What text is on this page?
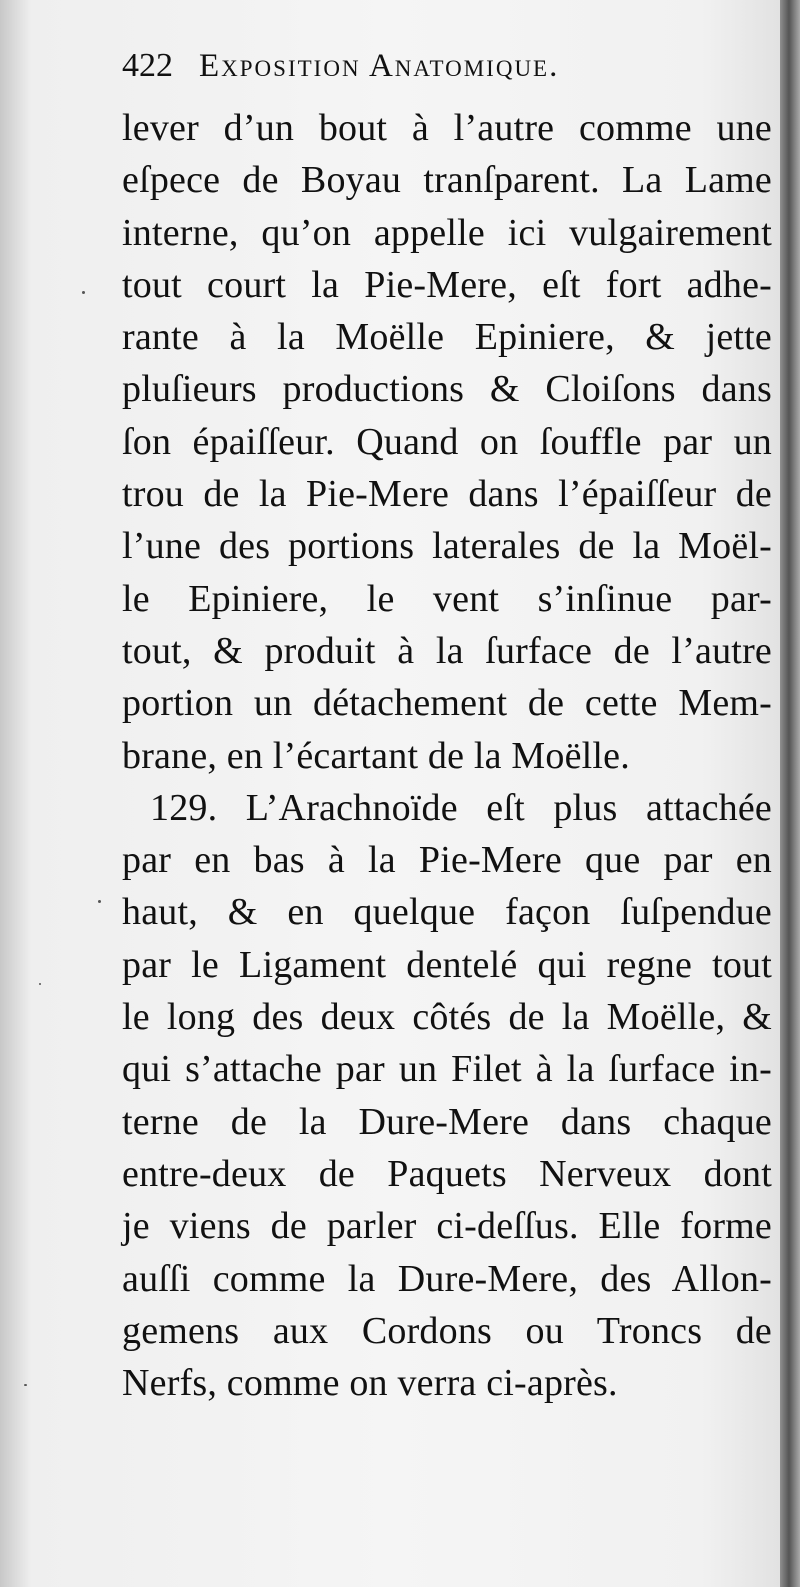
422 Exposition Anatomique.
lever d’un bout à l’autre comme une
eſpece de Boyau tranſparent. La Lame
interne, qu’on appelle ici vulgairement
tout court la Pie-Mere, eſt fort adhe-
rante à la Moëlle Epiniere, & jette
pluſieurs productions & Cloiſons dans
ſon épaiſſeur. Quand on ſouffle par un
trou de la Pie-Mere dans l’épaiſſeur de
l’une des portions laterales de la Moël-
le Epiniere, le vent s’inſinue par-
tout, & produit à la ſurface de l’autre
portion un détachement de cette Mem-
brane, en l’écartant de la Moëlle.
129. L’Arachnoïde eſt plus attachée
par en bas à la Pie-Mere que par en
haut, & en quelque façon ſuſpendue
par le Ligament dentelé qui regne tout
le long des deux côtés de la Moëlle, &
qui s’attache par un Filet à la ſurface in-
terne de la Dure-Mere dans chaque
entre-deux de Paquets Nerveux dont
je viens de parler ci-deſſus. Elle forme
auſſi comme la Dure-Mere, des Allon-
gemens aux Cordons ou Troncs de
Nerfs, comme on verra ci-après.
